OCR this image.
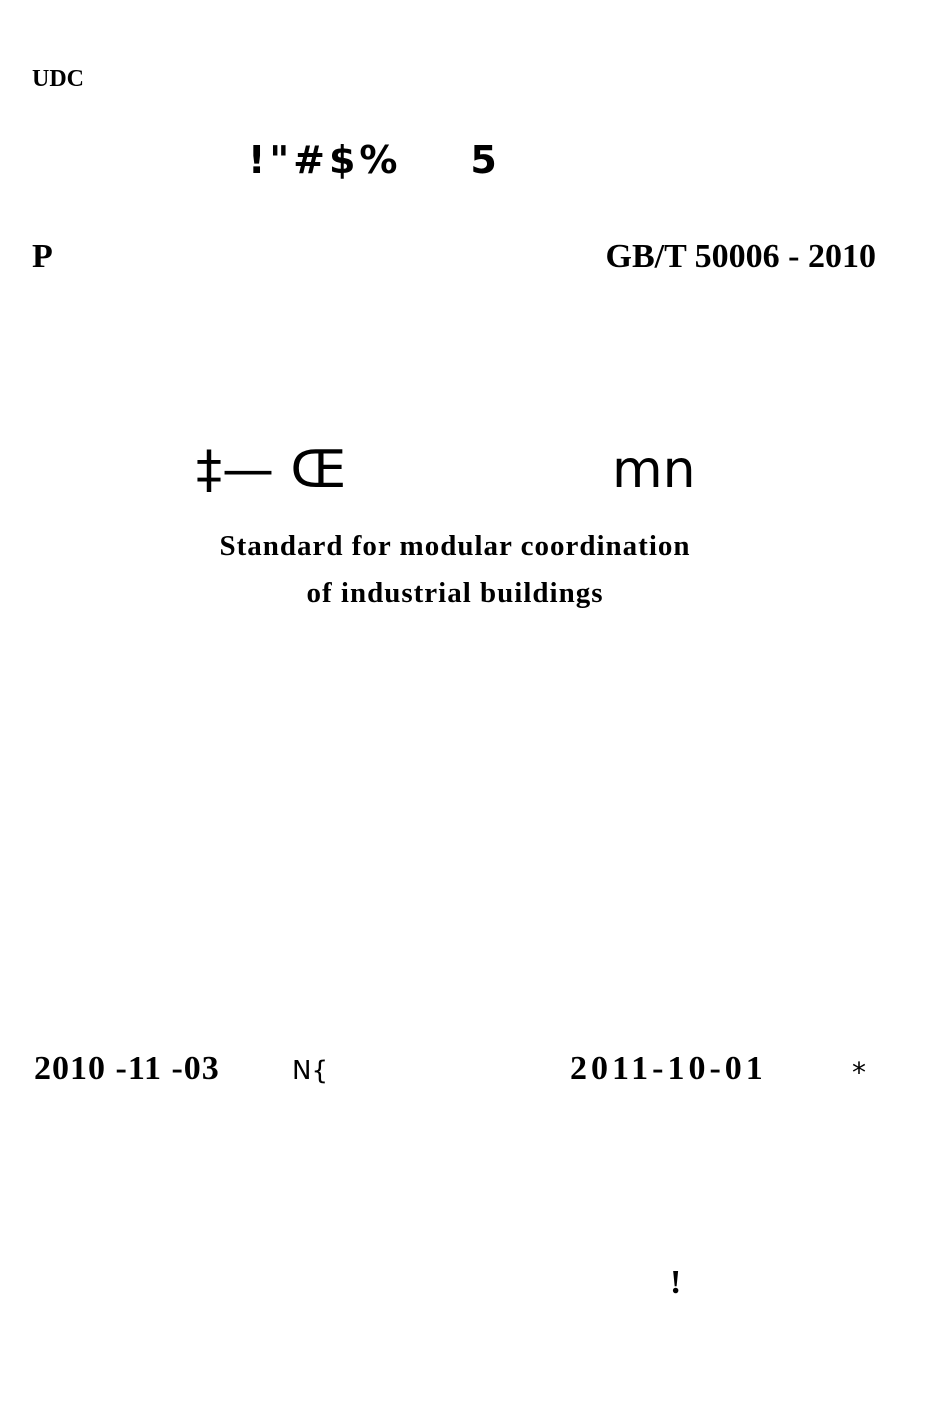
UDC
!"#$%    5
P	GB/T 50006 - 2010
‡— Œ	mn
Standard for modular coordination
of industrial buildings
2010 -11 -03	N{	2011-10-01	*
!
